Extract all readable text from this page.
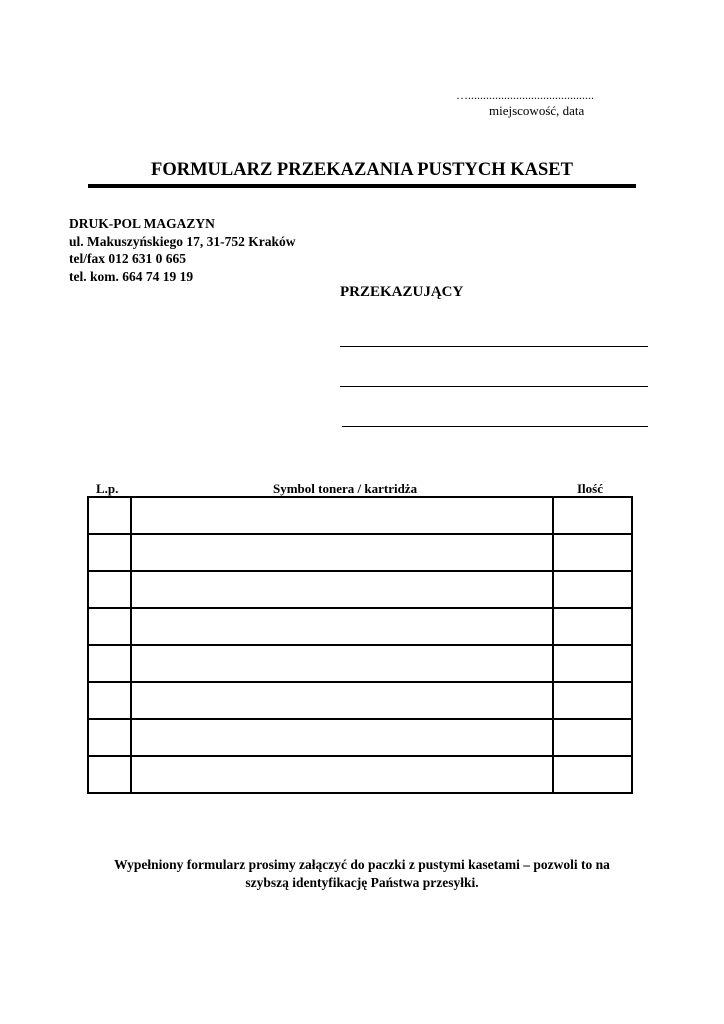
…..........................................
miejscowość, data
FORMULARZ PRZEKAZANIA PUSTYCH KASET
DRUK-POL MAGAZYN
ul. Makuszyńskiego 17, 31-752 Kraków
tel/fax 012 631 0 665
tel. kom. 664 74 19 19
PRZEKAZUJĄCY
L.p.	Symbol tonera / kartridża	Ilość

Wypełniony formularz prosimy załączyć do paczki z pustymi kasetami – pozwoli to na
szybszą identyfikację Państwa przesyłki.
